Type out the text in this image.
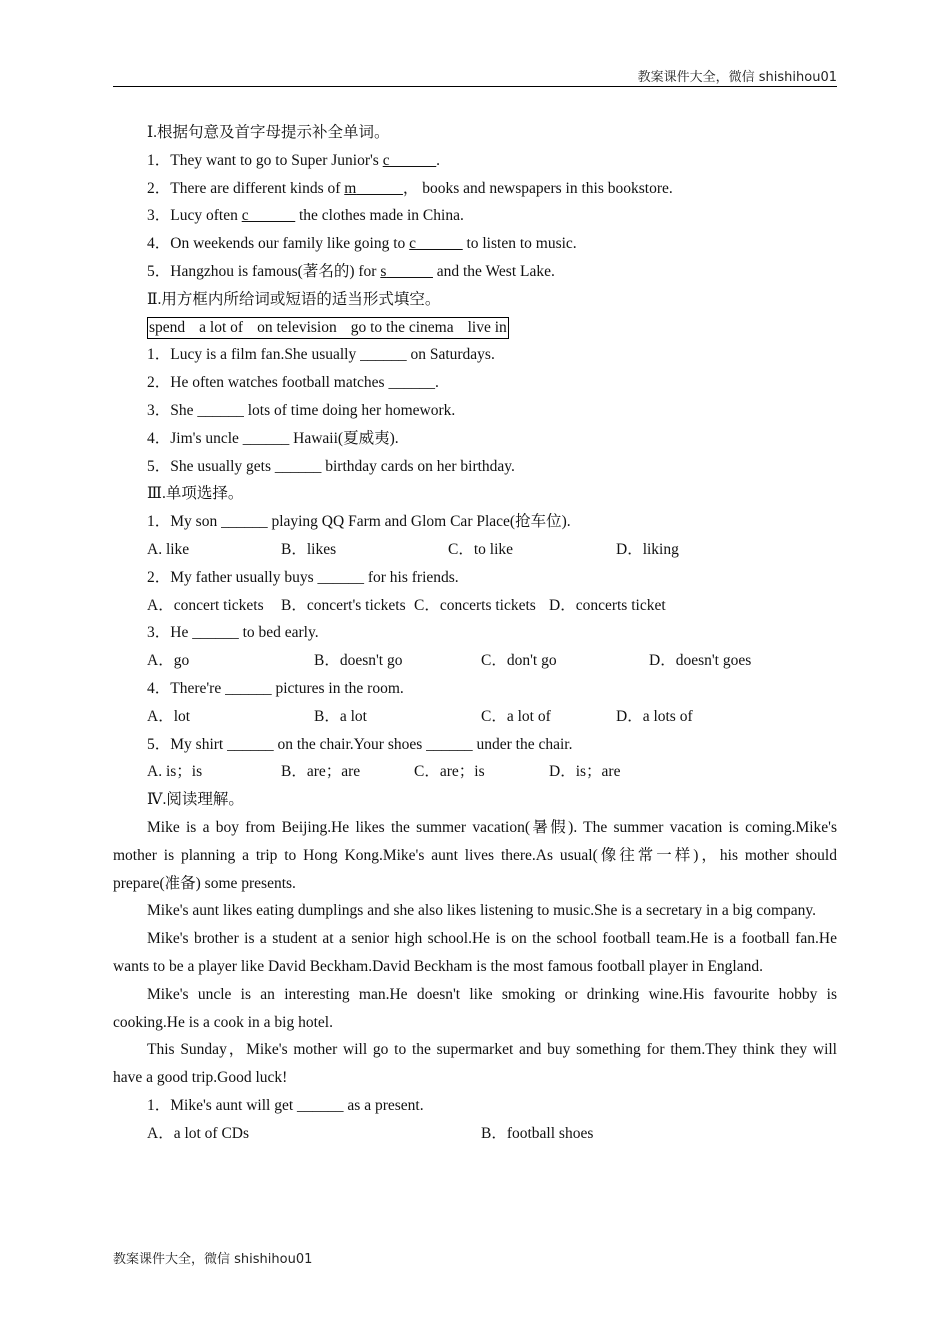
教案课件大全，微信 shishihou01
Ⅰ.根据句意及首字母提示补全单词。
1．They want to go to Super Junior's c______.
2．There are different kinds of m______， books and newspapers in this bookstore.
3．Lucy often c______ the clothes made in China.
4．On weekends our family like going to c______ to listen to music.
5．Hangzhou is famous(著名的) for s______ and the West Lake.
Ⅱ.用方框内所给词或短语的适当形式填空。
spend a lot of on television go to the cinema live in
1．Lucy is a film fan.She usually ______ on Saturdays.
2．He often watches football matches ______.
3．She ______ lots of time doing her homework.
4．Jim's uncle ______ Hawaii(夏威夷).
5．She usually gets ______ birthday cards on her birthday.
Ⅲ.单项选择。
1．My son ______ playing QQ Farm and Glom Car Place(抢车位).
A. like	B．likes	C．to like	D．liking
2．My father usually buys ______ for his friends.
A．concert tickets B．concert's tickets C．concerts tickets D．concerts ticket
3．He ______ to bed early.
A．go	B．doesn't go	C．don't go	D．doesn't goes
4．There're ______ pictures in the room.
A．lot	B．a lot	C．a lot of	D．a lots of
5．My shirt ______ on the chair.Your shoes ______ under the chair.
A. is；is	B．are；are	C．are；is	D．is；are
Ⅳ.阅读理解。

Mike is a boy from Beijing.He likes the summer vacation(暑假). The summer vacation is coming.Mike's mother is planning a trip to Hong Kong.Mike's aunt lives there.As usual(像往常一样)，his mother should prepare(准备) some presents.

Mike's aunt likes eating dumplings and she also likes listening to music.She is a secretary in a big company.

Mike's brother is a student at a senior high school.He is on the school football team.He is a football fan.He wants to be a player like David Beckham.David Beckham is the most famous football player in England.

Mike's uncle is an interesting man.He doesn't like smoking or drinking wine.His favourite hobby is cooking.He is a cook in a big hotel.

This Sunday，Mike's mother will go to the supermarket and buy something for them.They think they will have a good trip.Good luck!

1．Mike's aunt will get ______ as a present.
A．a lot of CDs	B．football shoes
教案课件大全，微信 shishihou01
